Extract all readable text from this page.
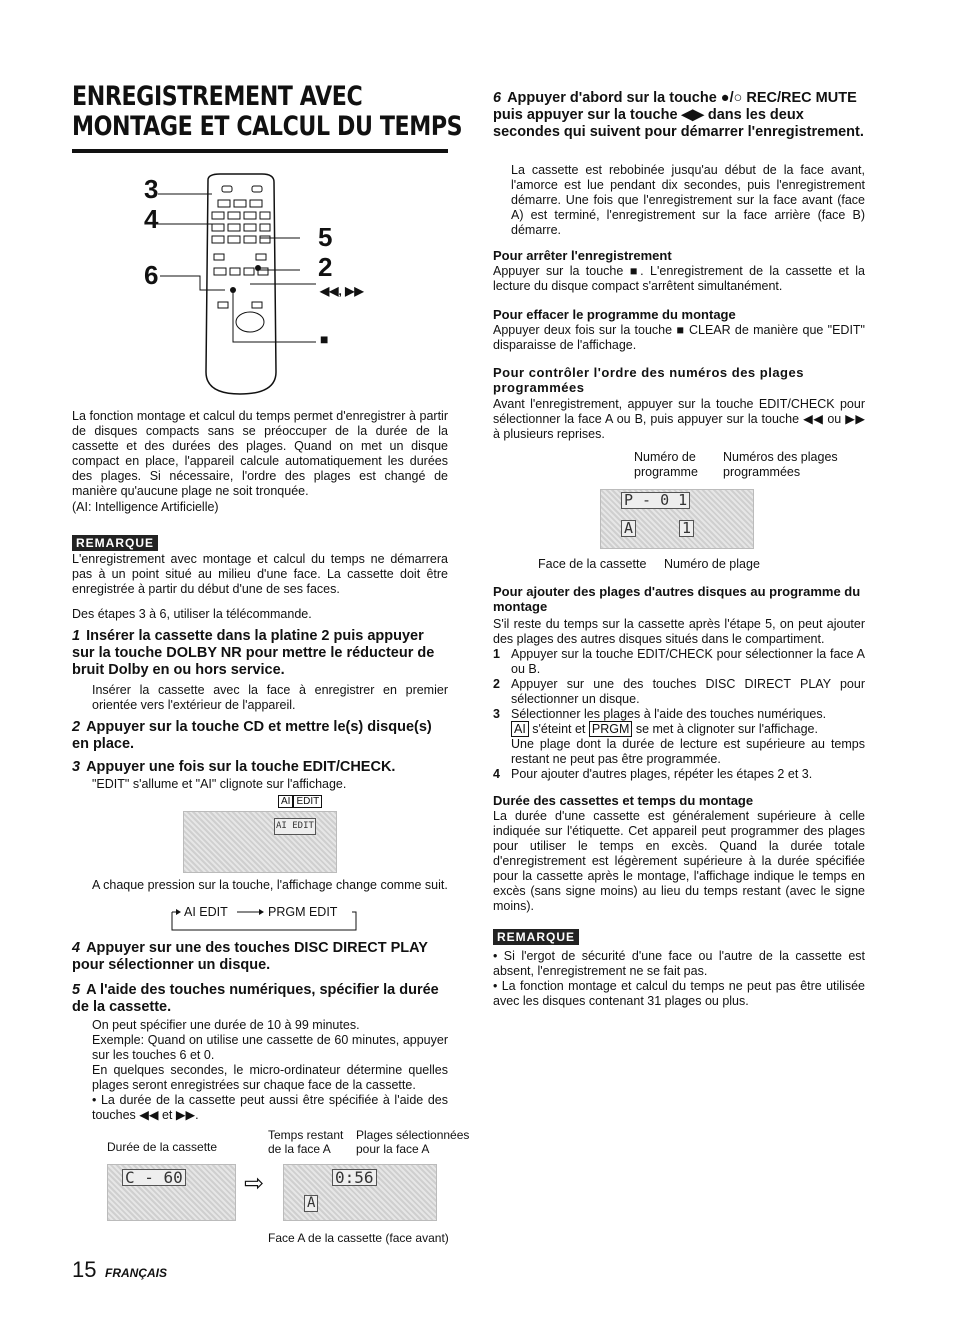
ENREGISTREMENT AVEC
MONTAGE ET CALCUL DU TEMPS
3
4
6
5
2
◀◀, ▶▶
■

La fonction montage et calcul du temps permet d'enregistrer à partir de disques compacts sans se préoccuper de la durée de la cassette et des durées des plages. Quand on met un disque compact en place, l'appareil calcule automatiquement les durées des plages. Si nécessaire, l'ordre des plages est changé de manière qu'aucune plage ne soit tronquée.

(AI: Intelligence Artificielle)

REMARQUE

L'enregistrement avec montage et calcul du temps ne démarrera pas à un point situé au milieu d'une face. La cassette doit être enregistrée à partir du début d'une de ses faces.

Des étapes 3 à 6, utiliser la télécommande.

1 Insérer la cassette dans la platine 2 puis appuyer sur la touche DOLBY NR pour mettre le réducteur de bruit Dolby en ou hors service.

Insérer la cassette avec la face à enregistrer en premier orientée vers l'extérieur de l'appareil.

2 Appuyer sur la touche CD et mettre le(s) disque(s) en place.
3 Appuyer une fois sur la touche EDIT/CHECK.

"EDIT" s'allume et "AI" clignote sur l'affichage.

AI EDIT
AI EDIT

A chaque pression sur la touche, l'affichage change comme suit.

AI EDIT	PRGM EDIT
4 Appuyer sur une des touches DISC DIRECT PLAY pour sélectionner un disque.
5 A l'aide des touches numériques, spécifier la durée de la cassette.

On peut spécifier une durée de 10 à 99 minutes.

Exemple: Quand on utilise une cassette de 60 minutes, appuyer sur les touches 6 et 0.

En quelques secondes, le micro-ordinateur détermine quelles plages seront enregistrées sur chaque face de la cassette.

• La durée de la cassette peut aussi être spécifiée à l'aide des touches ◀◀ et ▶▶.

Durée de la cassette
Temps restant de la face A
Plages sélectionnées pour la face A
C - 60	⇨	0:56
A
Face A de la cassette (face avant)
15 FRANÇAIS
6 Appuyer d'abord sur la touche ●/○ REC/REC MUTE puis appuyer sur la touche ◀▶ dans les deux secondes qui suivent pour démarrer l'enregistrement.

La cassette est rebobinée jusqu'au début de la face avant, l'amorce est lue pendant dix secondes, puis l'enregistrement démarre. Une fois que l'enregistrement sur la face avant (face A) est terminé, l'enregistrement sur la face arrière (face B) démarre.

Pour arrêter l'enregistrement

Appuyer sur la touche ■. L'enregistrement de la cassette et la lecture du disque compact s'arrêtent simultanément.

Pour effacer le programme du montage

Appuyer deux fois sur la touche ■ CLEAR de manière que "EDIT" disparaisse de l'affichage.

Pour contrôler l'ordre des numéros des plages programmées

Avant l'enregistrement, appuyer sur la touche EDIT/CHECK pour sélectionner la face A ou B, puis appuyer sur la touche ◀◀ ou ▶▶ à plusieurs reprises.

Numéro de programme
Numéros des plages programmées
P - 0 1
A	1
Face de la cassette Numéro de plage
Pour ajouter des plages d'autres disques au programme du montage

S'il reste du temps sur la cassette après l'étape 5, on peut ajouter des plages des autres disques situés dans le compartiment.

1 Appuyer sur la touche EDIT/CHECK pour sélectionner la face A ou B.
2 Appuyer sur une des touches DISC DIRECT PLAY pour sélectionner un disque.
3 Sélectionner les plages à l'aide des touches numériques.
AI s'éteint et PRGM se met à clignoter sur l'affichage.
Une plage dont la durée de lecture est supérieure au temps restant ne peut pas être programmée.
4 Pour ajouter d'autres plages, répéter les étapes 2 et 3.
Durée des cassettes et temps du montage

La durée d'une cassette est généralement supérieure à celle indiquée sur l'étiquette. Cet appareil peut programmer des plages pour utiliser le temps en excès. Quand la durée totale d'enregistrement est légèrement supérieure à la durée spécifiée pour la cassette après le montage, l'affichage indique le temps en excès (sans signe moins) au lieu du temps restant (avec le signe moins).

REMARQUE

• Si l'ergot de sécurité d'une face ou l'autre de la cassette est absent, l'enregistrement ne se fait pas.

• La fonction montage et calcul du temps ne peut pas être utilisée avec les disques contenant 31 plages ou plus.
